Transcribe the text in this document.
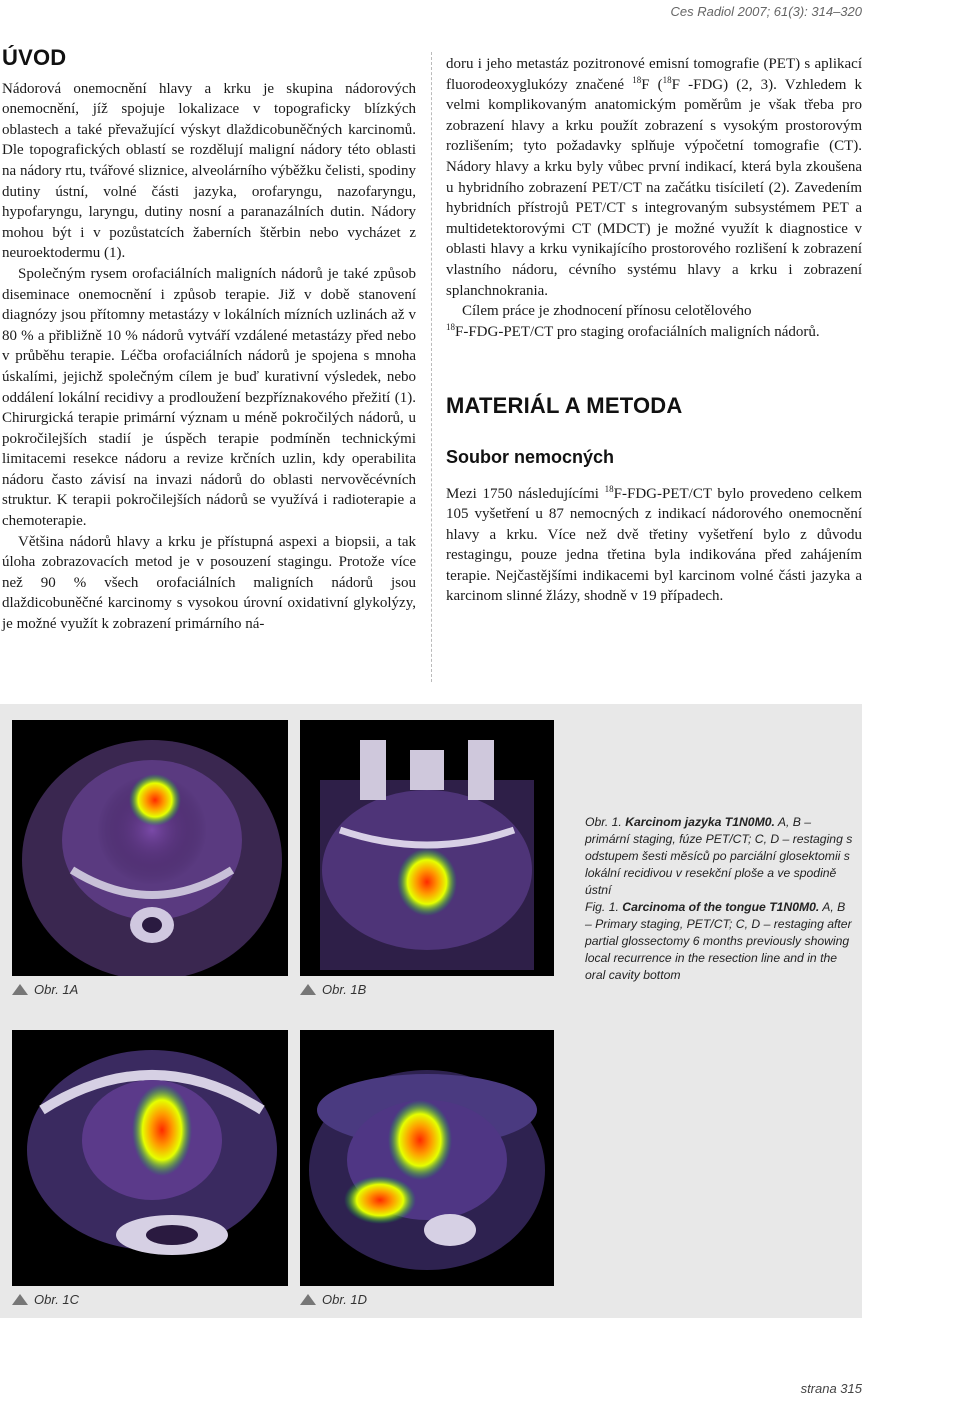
Ces Radiol 2007; 61(3): 314–320
ÚVOD

Nádorová onemocnění hlavy a krku je skupina nádorových onemocnění, jíž spojuje lokalizace v topograficky blízkých oblastech a také převažující výskyt dlaždicobuněčných karcinomů. Dle topografických oblastí se rozdělují maligní nádory této oblasti na nádory rtu, tvářové sliznice, alveolárního výběžku čelisti, spodiny dutiny ústní, volné části jazyka, orofaryngu, nazofaryngu, hypofaryngu, laryngu, dutiny nosní a paranazálních dutin. Nádory mohou být i v pozůstatcích žaberních štěrbin nebo vycházet z neuroektodermu (1).

Společným rysem orofaciálních maligních nádorů je také způsob diseminace onemocnění i způsob terapie. Již v době stanovení diagnózy jsou přítomny metastázy v lokálních mízních uzlinách až v 80 % a přibližně 10 % nádorů vytváří vzdálené metastázy před nebo v průběhu terapie. Léčba orofaciálních nádorů je spojena s mnoha úskalími, jejichž společným cílem je buď kurativní výsledek, nebo oddálení lokální recidivy a prodloužení bezpříznakového přežití (1). Chirurgická terapie primární význam u méně pokročilých nádorů, u pokročilejších stadií je úspěch terapie podmíněn technickými limitacemi resekce nádoru a revize krčních uzlin, kdy operabilita nádoru často závisí na invazi nádorů do oblasti nervověcévních struktur. K terapii pokročilejších nádorů se využívá i radioterapie a chemoterapie.

Většina nádorů hlavy a krku je přístupná aspexi a biopsii, a tak úloha zobrazovacích metod je v posouzení stagingu. Protože více než 90 % všech orofaciálních maligních nádorů jsou dlaždicobuněčné karcinomy s vysokou úrovní oxidativní glykolýzy, je možné využít k zobrazení primárního ná-

doru i jeho metastáz pozitronové emisní tomografie (PET) s aplikací fluorodeoxyglukózy značené $^{18}$F ($^{18}$F -FDG) (2, 3). Vzhledem k velmi komplikovaným anatomickým poměrům je však třeba pro zobrazení hlavy a krku použít zobrazení s vysokým prostorovým rozlišením; tyto požadavky splňuje výpočetní tomografie (CT). Nádory hlavy a krku byly vůbec první indikací, která byla zkoušena u hybridního zobrazení PET/CT na začátku tisíciletí (2). Zavedením hybridních přístrojů PET/CT s integrovaným subsystémem PET a multidetektorovými CT (MDCT) je možné využít k diagnostice v oblasti hlavy a krku vynikajícího prostorového rozlišení k zobrazení vlastního nádoru, cévního systému hlavy a krku i zobrazení splanchnokrania.

Cílem práce je zhodnocení přínosu celotělového
$^{18}$F-FDG-PET/CT pro staging orofaciálních maligních nádorů.

MATERIÁL A METODA
Soubor nemocných

Mezi 1750 následujícími $^{18}$F-FDG-PET/CT bylo provedeno celkem 105 vyšetření u 87 nemocných z indikací nádorového onemocnění hlavy a krku. Více než dvě třetiny vyšetření bylo z důvodu restagingu, pouze jedna třetina byla indikována před zahájením terapie. Nejčastějšími indikacemi byl karcinom volné části jazyka a karcinom slinné žlázy, shodně v 19 případech.

Obr. 1A	Obr. 1B
Obr. 1C	Obr. 1D
Obr. 1. Karcinom jazyka T1N0M0. A, B – primární staging, fúze PET/CT; C, D – restaging s odstupem šesti měsíců po parciální glosektomii s lokální recidivou v resekční ploše a ve spodině ústní
Fig. 1. Carcinoma of the tongue T1N0M0. A, B – Primary staging, PET/CT; C, D – restaging after partial glossectomy 6 months previously showing local recurrence in the resection line and in the oral cavity bottom
strana 315
